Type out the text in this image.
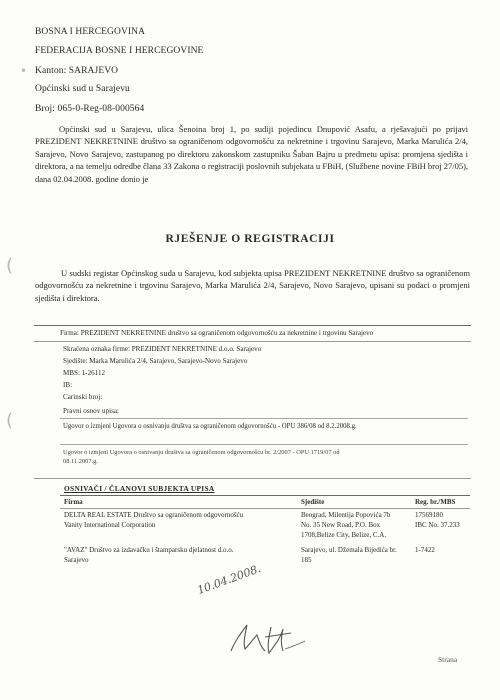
BOSNA I HERCEGOVINA
FEDERACIJA BOSNE I HERCEGOVINE
Kanton: SARAJEVO
Općinski sud u Sarajevu
Broj: 065-0-Reg-08-000564
•
(
(
Općinski sud u Sarajevu, ulica Šenoina broj 1, po sudiji pojedincu Dnupović Asafu, a rješavajući po prijavi PREZIDENT NEKRETNINE društvo sa ograničenom odgovornošću za nekretnine i trgovinu Sarajevo, Marka Marulića 2/4, Sarajevo, Novo Sarajevo, zastupanog po direktoru zakonskom zastupniku Šaban Bajru u predmetu upisa: promjena sjedišta i direktora, a na temelju odredbe člana 33 Zakona o registraciji poslovnih subjekata u FBiH, (Službene novine FBiH broj 27/05), dana 02.04.2008. godine donio je
RJEŠENJE O REGISTRACIJI
U sudski registar Općinskog suda u Sarajevu, kod subjekta upisa PREZIDENT NEKRETNINE društvo sa ograničenom odgovornošću za nekretnine i trgovinu Sarajevo, Marka Marulića 2/4, Sarajevo, Novo Sarajevo, upisani su podaci o promjeni sjedišta i direktora.
Firma: PREZIDENT NEKRETNINE društvo sa ograničenom odgovornošću za nekretnine i trgovinu Sarajevo
Skraćena oznaka firme: PREZIDENT NEKRETNINE d.o.o. Sarajevo
Sjedište: Marka Marulića 2/4, Sarajevo, Sarajevo-Novo Sarajevo
MBS: 1-26112
IB:
Carinski broj:
Pravni osnov upisa:
Ugovor o izmjeni Ugovora o osnivanju društva sa ograničenom odgovornošću - OPU 386/08 od 8.2.2008.g.
Ugovor o izmjeni Ugovora o osnivanju društva sa ograničenom odgovornošću br. 2/2007 - OPU 1719/07 od
08.11.2007.g.
OSNIVAČI / ČLANOVI SUBJEKTA UPISA
Firma	Sjedište	Reg. br./MBS
DELTA REAL ESTATE Društvo sa ograničenom odgovornošću
Vanity International Corporation
Beograd, Milentija Popovića 7b
No. 35 New Road, P.O. Box
1708,Belize City, Belize, C.A.
17569180
IBC No. 37.233
"AVAZ" Društvo za izdavačku i štamparsku djelatnost d.o.o.
Sarajevo
Sarajevo, ul. Džemala Bijedića br.
185
1-7422
10.04.2008.
Strana
